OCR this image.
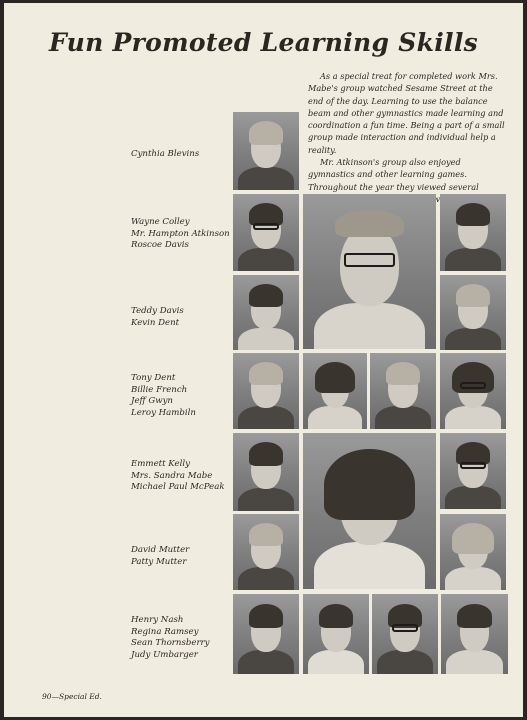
Fun Promoted Learning Skills

As a special treat for completed work Mrs. Mabe's group watched Sesame Street at the end of the day. Learning to use the balance beam and other gymnastics made learning and coordination a fun time. Being a part of a small group made interaction and individual help a reality.

Mr. Atkinson's group also enjoyed gymnastics and other learning games. Throughout the year they viewed several

Cynthia Blevins
Wayne Colley
Mr. Hampton Atkinson
Roscoe Davis
Teddy Davis
Kevin Dent
Tony Dent
Billie French
Jeff Gwyn
Leroy Hambiln
Emmett Kelly
Mrs. Sandra Mabe
Michael Paul McPeak
David Mutter
Patty Mutter
Henry Nash
Regina Ramsey
Sean Thornsberry
Judy Umbarger
90—Special Ed.
